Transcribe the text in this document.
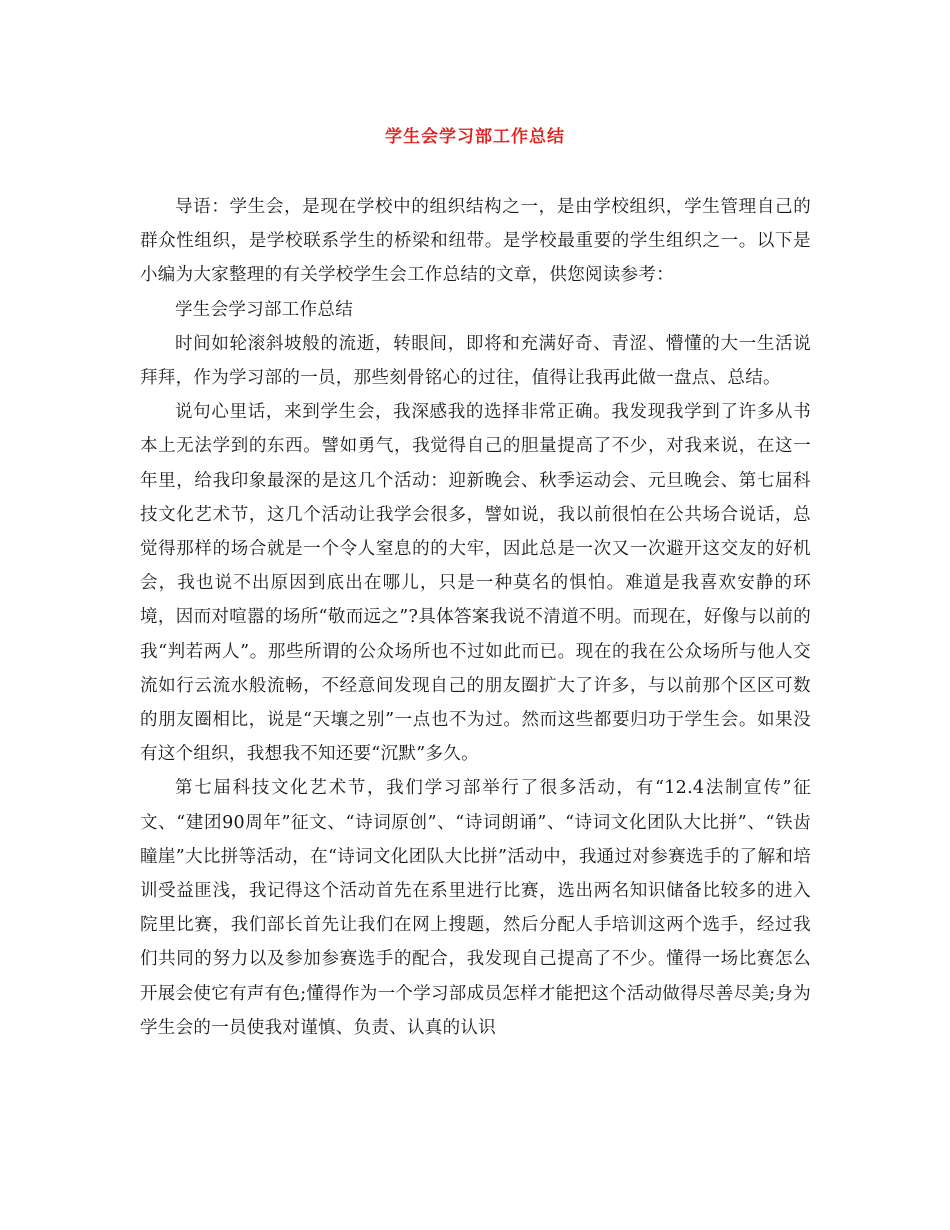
学生会学习部工作总结

导语：学生会，是现在学校中的组织结构之一，是由学校组织，学生管理自己的群众性组织，是学校联系学生的桥梁和纽带。是学校最重要的学生组织之一。以下是小编为大家整理的有关学校学生会工作总结的文章，供您阅读参考：

学生会学习部工作总结

时间如轮滚斜坡般的流逝，转眼间，即将和充满好奇、青涩、懵懂的大一生活说拜拜，作为学习部的一员，那些刻骨铭心的过往，值得让我再此做一盘点、总结。

说句心里话，来到学生会，我深感我的选择非常正确。我发现我学到了许多从书本上无法学到的东西。譬如勇气，我觉得自己的胆量提高了不少，对我来说，在这一年里，给我印象最深的是这几个活动：迎新晚会、秋季运动会、元旦晚会、第七届科技文化艺术节，这几个活动让我学会很多，譬如说，我以前很怕在公共场合说话，总觉得那样的场合就是一个令人窒息的的大牢，因此总是一次又一次避开这交友的好机会，我也说不出原因到底出在哪儿，只是一种莫名的惧怕。难道是我喜欢安静的环境，因而对喧嚣的场所“敬而远之”?具体答案我说不清道不明。而现在，好像与以前的我“判若两人”。那些所谓的公众场所也不过如此而已。现在的我在公众场所与他人交流如行云流水般流畅，不经意间发现自己的朋友圈扩大了许多，与以前那个区区可数的朋友圈相比，说是“天壤之别”一点也不为过。然而这些都要归功于学生会。如果没有这个组织，我想我不知还要“沉默”多久。

第七届科技文化艺术节，我们学习部举行了很多活动，有“12.4法制宣传”征文、“建团90周年”征文、“诗词原创”、“诗词朗诵”、“诗词文化团队大比拼”、“铁齿瞳崖”大比拼等活动，在“诗词文化团队大比拼”活动中，我通过对参赛选手的了解和培训受益匪浅，我记得这个活动首先在系里进行比赛，选出两名知识储备比较多的进入院里比赛，我们部长首先让我们在网上搜题，然后分配人手培训这两个选手，经过我们共同的努力以及参加参赛选手的配合，我发现自己提高了不少。懂得一场比赛怎么开展会使它有声有色;懂得作为一个学习部成员怎样才能把这个活动做得尽善尽美;身为学生会的一员使我对谨慎、负责、认真的认识
